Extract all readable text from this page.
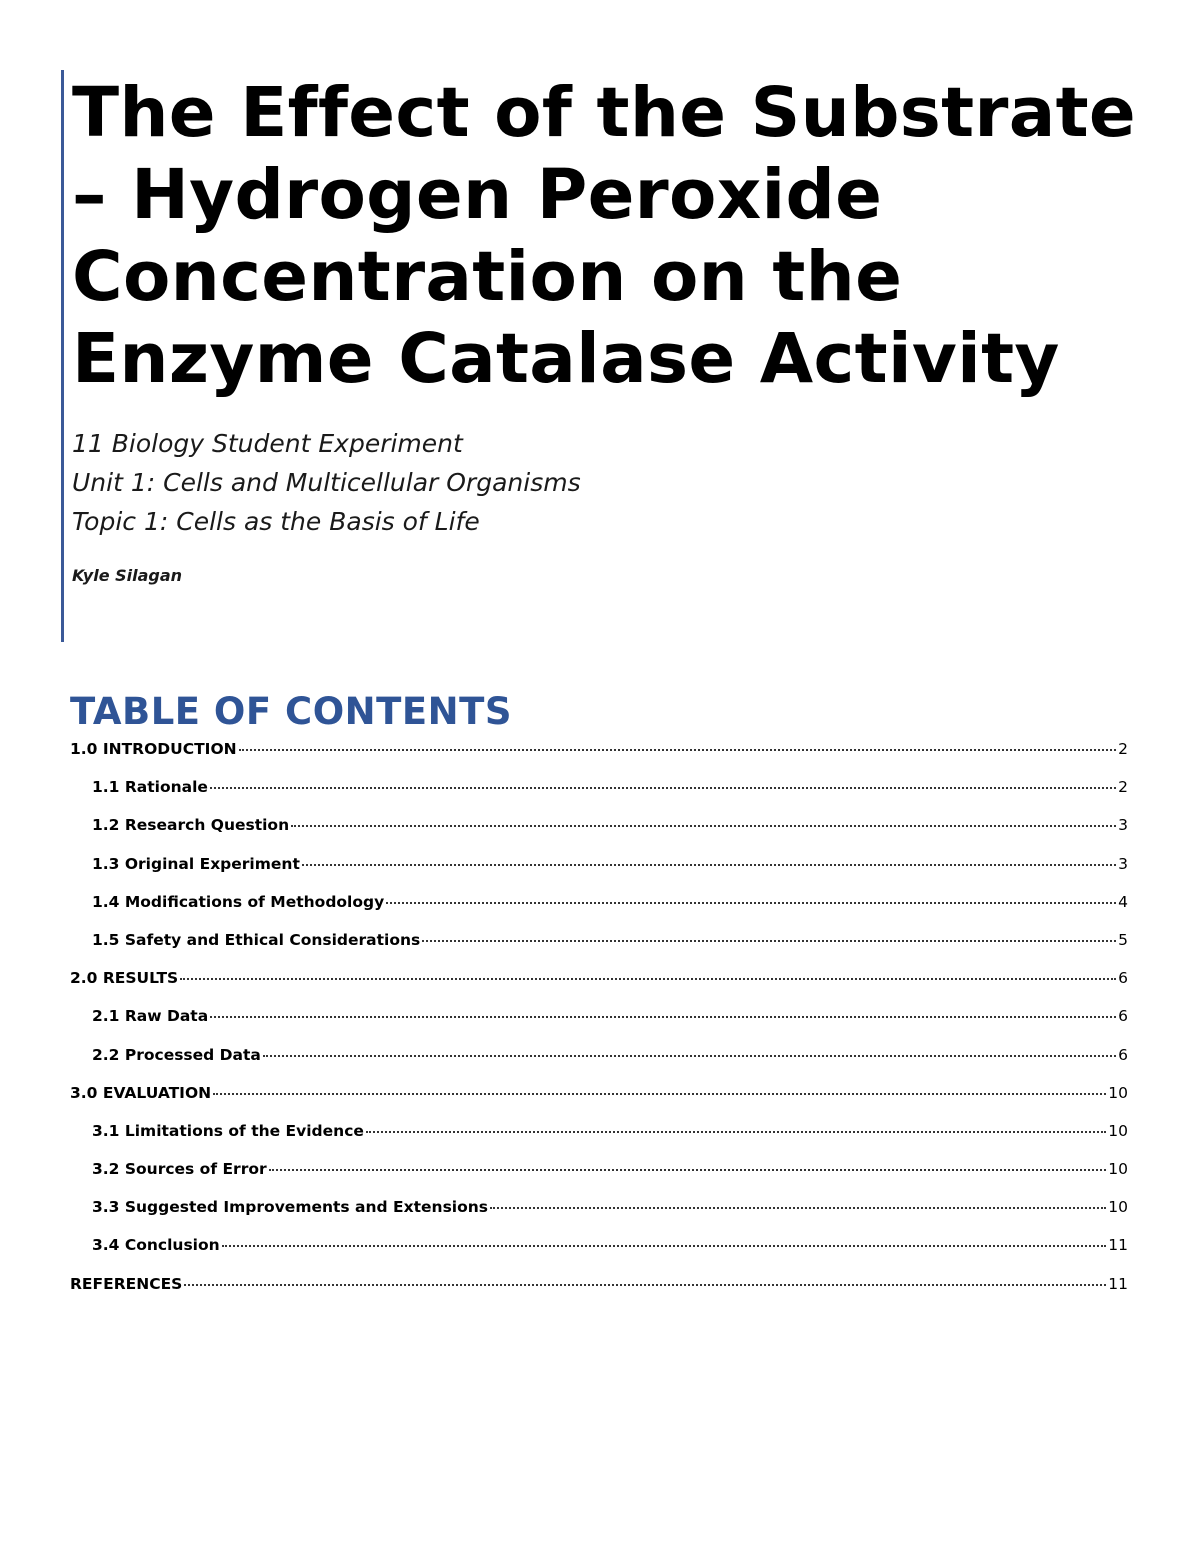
The Effect of the Substrate
– Hydrogen Peroxide
Concentration on the
Enzyme Catalase Activity
11 Biology Student Experiment
Unit 1: Cells and Multicellular Organisms
Topic 1: Cells as the Basis of Life
Kyle Silagan
TABLE OF CONTENTS
1.0 INTRODUCTION	2
1.1 Rationale	2
1.2 Research Question	3
1.3 Original Experiment	3
1.4 Modifications of Methodology	4
1.5 Safety and Ethical Considerations	5
2.0 RESULTS	6
2.1 Raw Data	6
2.2 Processed Data	6
3.0 EVALUATION	10
3.1 Limitations of the Evidence	10
3.2 Sources of Error	10
3.3 Suggested Improvements and Extensions	10
3.4 Conclusion	11
REFERENCES	11
